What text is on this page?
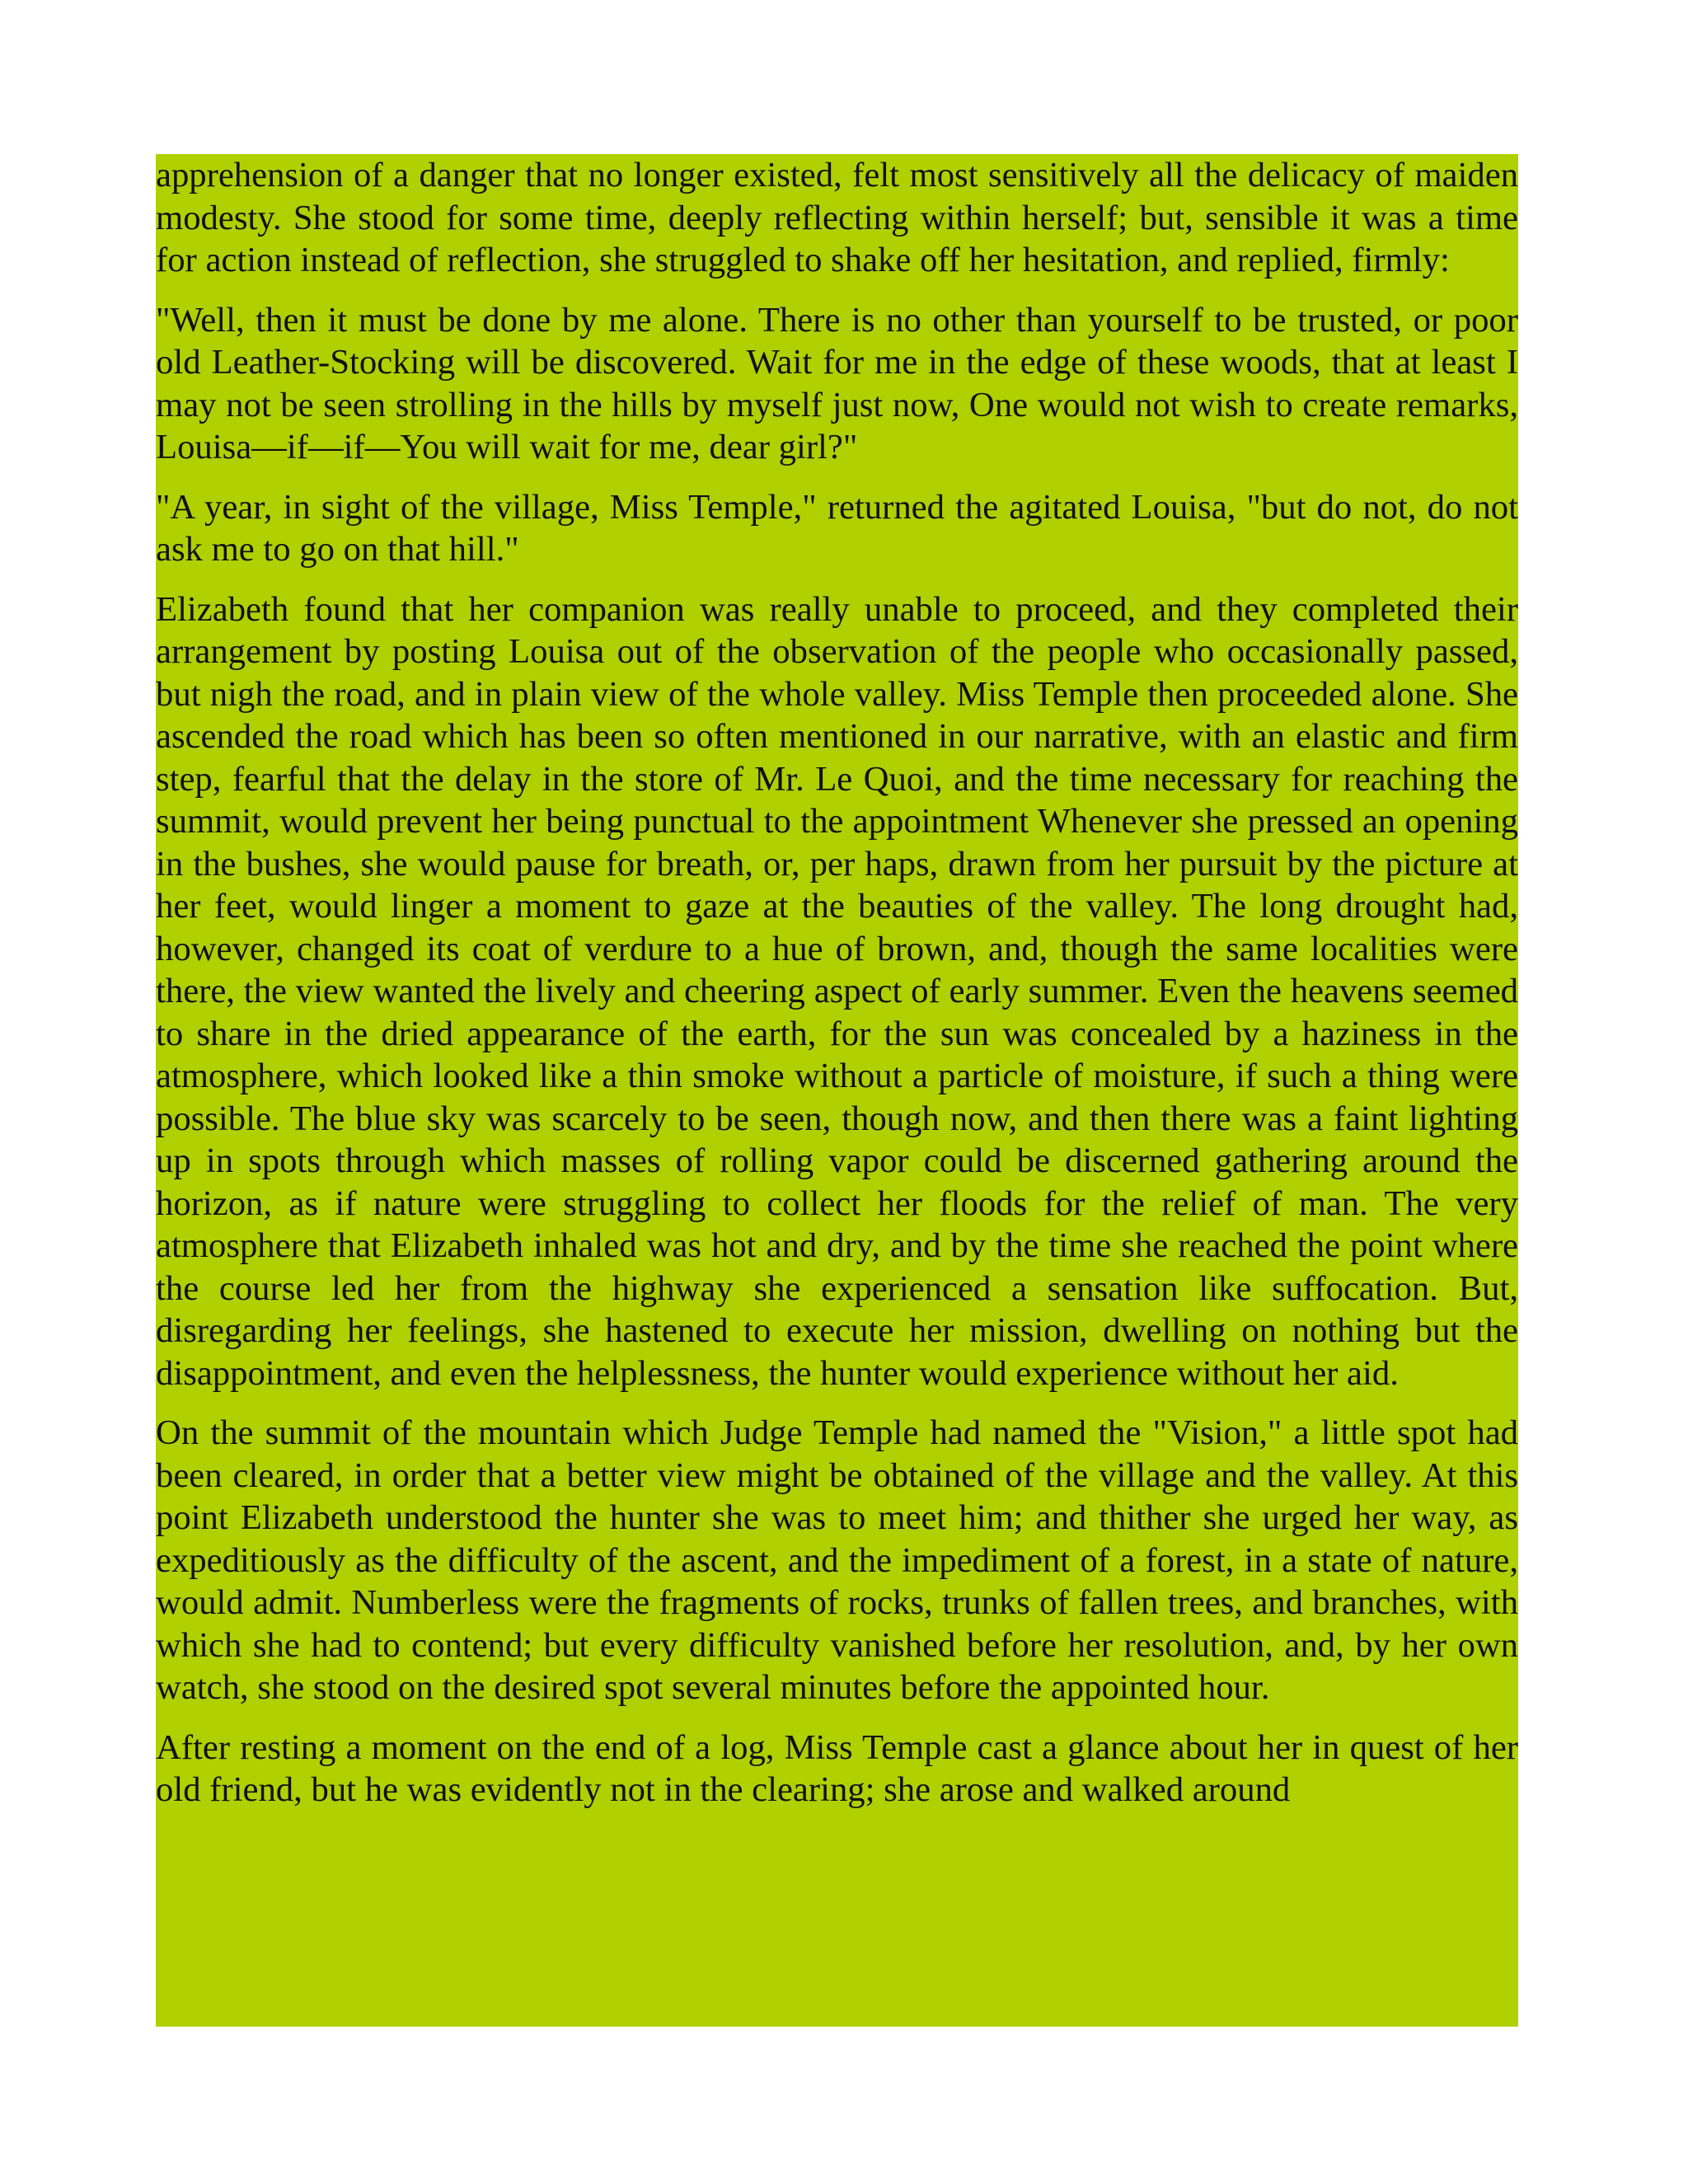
apprehension of a danger that no longer existed, felt most sensitively all the delicacy of maiden modesty. She stood for some time, deeply reflecting within herself; but, sensible it was a time for action instead of reflection, she struggled to shake off her hesitation, and replied, firmly:

"Well, then it must be done by me alone. There is no other than yourself to be trusted, or poor old Leather-Stocking will be discovered. Wait for me in the edge of these woods, that at least I may not be seen strolling in the hills by myself just now, One would not wish to create remarks, Louisa—if—if—You will wait for me, dear girl?"

"A year, in sight of the village, Miss Temple," returned the agitated Louisa, "but do not, do not ask me to go on that hill."

Elizabeth found that her companion was really unable to proceed, and they completed their arrangement by posting Louisa out of the observation of the people who occasionally passed, but nigh the road, and in plain view of the whole valley. Miss Temple then proceeded alone. She ascended the road which has been so often mentioned in our narrative, with an elastic and firm step, fearful that the delay in the store of Mr. Le Quoi, and the time necessary for reaching the summit, would prevent her being punctual to the appointment Whenever she pressed an opening in the bushes, she would pause for breath, or, per haps, drawn from her pursuit by the picture at her feet, would linger a moment to gaze at the beauties of the valley. The long drought had, however, changed its coat of verdure to a hue of brown, and, though the same localities were there, the view wanted the lively and cheering aspect of early summer. Even the heavens seemed to share in the dried appearance of the earth, for the sun was concealed by a haziness in the atmosphere, which looked like a thin smoke without a particle of moisture, if such a thing were possible. The blue sky was scarcely to be seen, though now, and then there was a faint lighting up in spots through which masses of rolling vapor could be discerned gathering around the horizon, as if nature were struggling to collect her floods for the relief of man. The very atmosphere that Elizabeth inhaled was hot and dry, and by the time she reached the point where the course led her from the highway she experienced a sensation like suffocation. But, disregarding her feelings, she hastened to execute her mission, dwelling on nothing but the disappointment, and even the helplessness, the hunter would experience without her aid.

On the summit of the mountain which Judge Temple had named the "Vision," a little spot had been cleared, in order that a better view might be obtained of the village and the valley. At this point Elizabeth understood the hunter she was to meet him; and thither she urged her way, as expeditiously as the difficulty of the ascent, and the impediment of a forest, in a state of nature, would admit. Numberless were the fragments of rocks, trunks of fallen trees, and branches, with which she had to contend; but every difficulty vanished before her resolution, and, by her own watch, she stood on the desired spot several minutes before the appointed hour.

After resting a moment on the end of a log, Miss Temple cast a glance about her in quest of her old friend, but he was evidently not in the clearing; she arose and walked around
